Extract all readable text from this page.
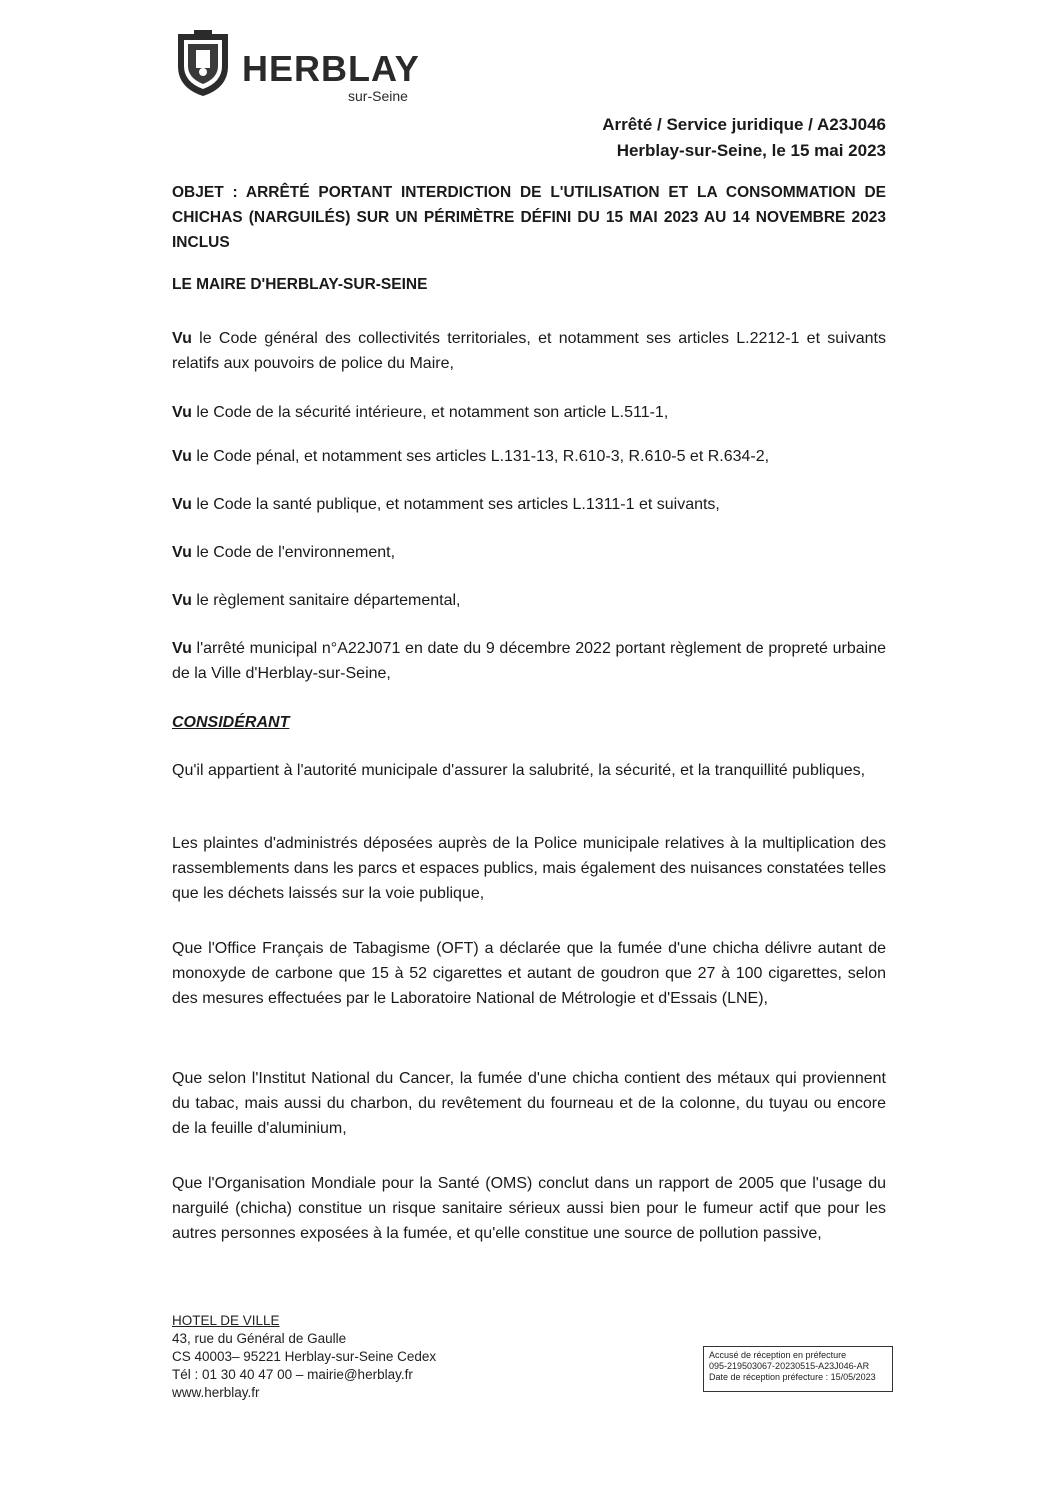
HERBLAY
sur-Seine
Arrêté / Service juridique / A23J046
Herblay-sur-Seine, le 15 mai 2023
OBJET : ARRÊTÉ PORTANT INTERDICTION DE L'UTILISATION ET LA CONSOMMATION DE CHICHAS (NARGUILÉS) SUR UN PÉRIMÈTRE DÉFINI DU 15 MAI 2023 AU 14 NOVEMBRE 2023 INCLUS
LE MAIRE D'HERBLAY-SUR-SEINE
Vu le Code général des collectivités territoriales, et notamment ses articles L.2212-1 et suivants relatifs aux pouvoirs de police du Maire,
Vu le Code de la sécurité intérieure, et notamment son article L.511-1,
Vu le Code pénal, et notamment ses articles L.131-13, R.610-3, R.610-5 et R.634-2,
Vu le Code la santé publique, et notamment ses articles L.1311-1 et suivants,
Vu le Code de l'environnement,
Vu le règlement sanitaire départemental,
Vu l'arrêté municipal n°A22J071 en date du 9 décembre 2022 portant règlement de propreté urbaine de la Ville d'Herblay-sur-Seine,
CONSIDÉRANT
Qu'il appartient à l'autorité municipale d'assurer la salubrité, la sécurité, et la tranquillité publiques,
Les plaintes d'administrés déposées auprès de la Police municipale relatives à la multiplication des rassemblements dans les parcs et espaces publics, mais également des nuisances constatées telles que les déchets laissés sur la voie publique,
Que l'Office Français de Tabagisme (OFT) a déclarée que la fumée d'une chicha délivre autant de monoxyde de carbone que 15 à 52 cigarettes et autant de goudron que 27 à 100 cigarettes, selon des mesures effectuées par le Laboratoire National de Métrologie et d'Essais (LNE),
Que selon l'Institut National du Cancer, la fumée d'une chicha contient des métaux qui proviennent du tabac, mais aussi du charbon, du revêtement du fourneau et de la colonne, du tuyau ou encore de la feuille d'aluminium,
Que l'Organisation Mondiale pour la Santé (OMS) conclut dans un rapport de 2005 que l'usage du narguilé (chicha) constitue un risque sanitaire sérieux aussi bien pour le fumeur actif que pour les autres personnes exposées à la fumée, et qu'elle constitue une source de pollution passive,
HOTEL DE VILLE
43, rue du Général de Gaulle
CS 40003– 95221 Herblay-sur-Seine Cedex
Tél : 01 30 40 47 00 – mairie@herblay.fr
www.herblay.fr
Accusé de réception en préfecture
095-219503067-20230515-A23J046-AR
Date de réception préfecture : 15/05/2023
